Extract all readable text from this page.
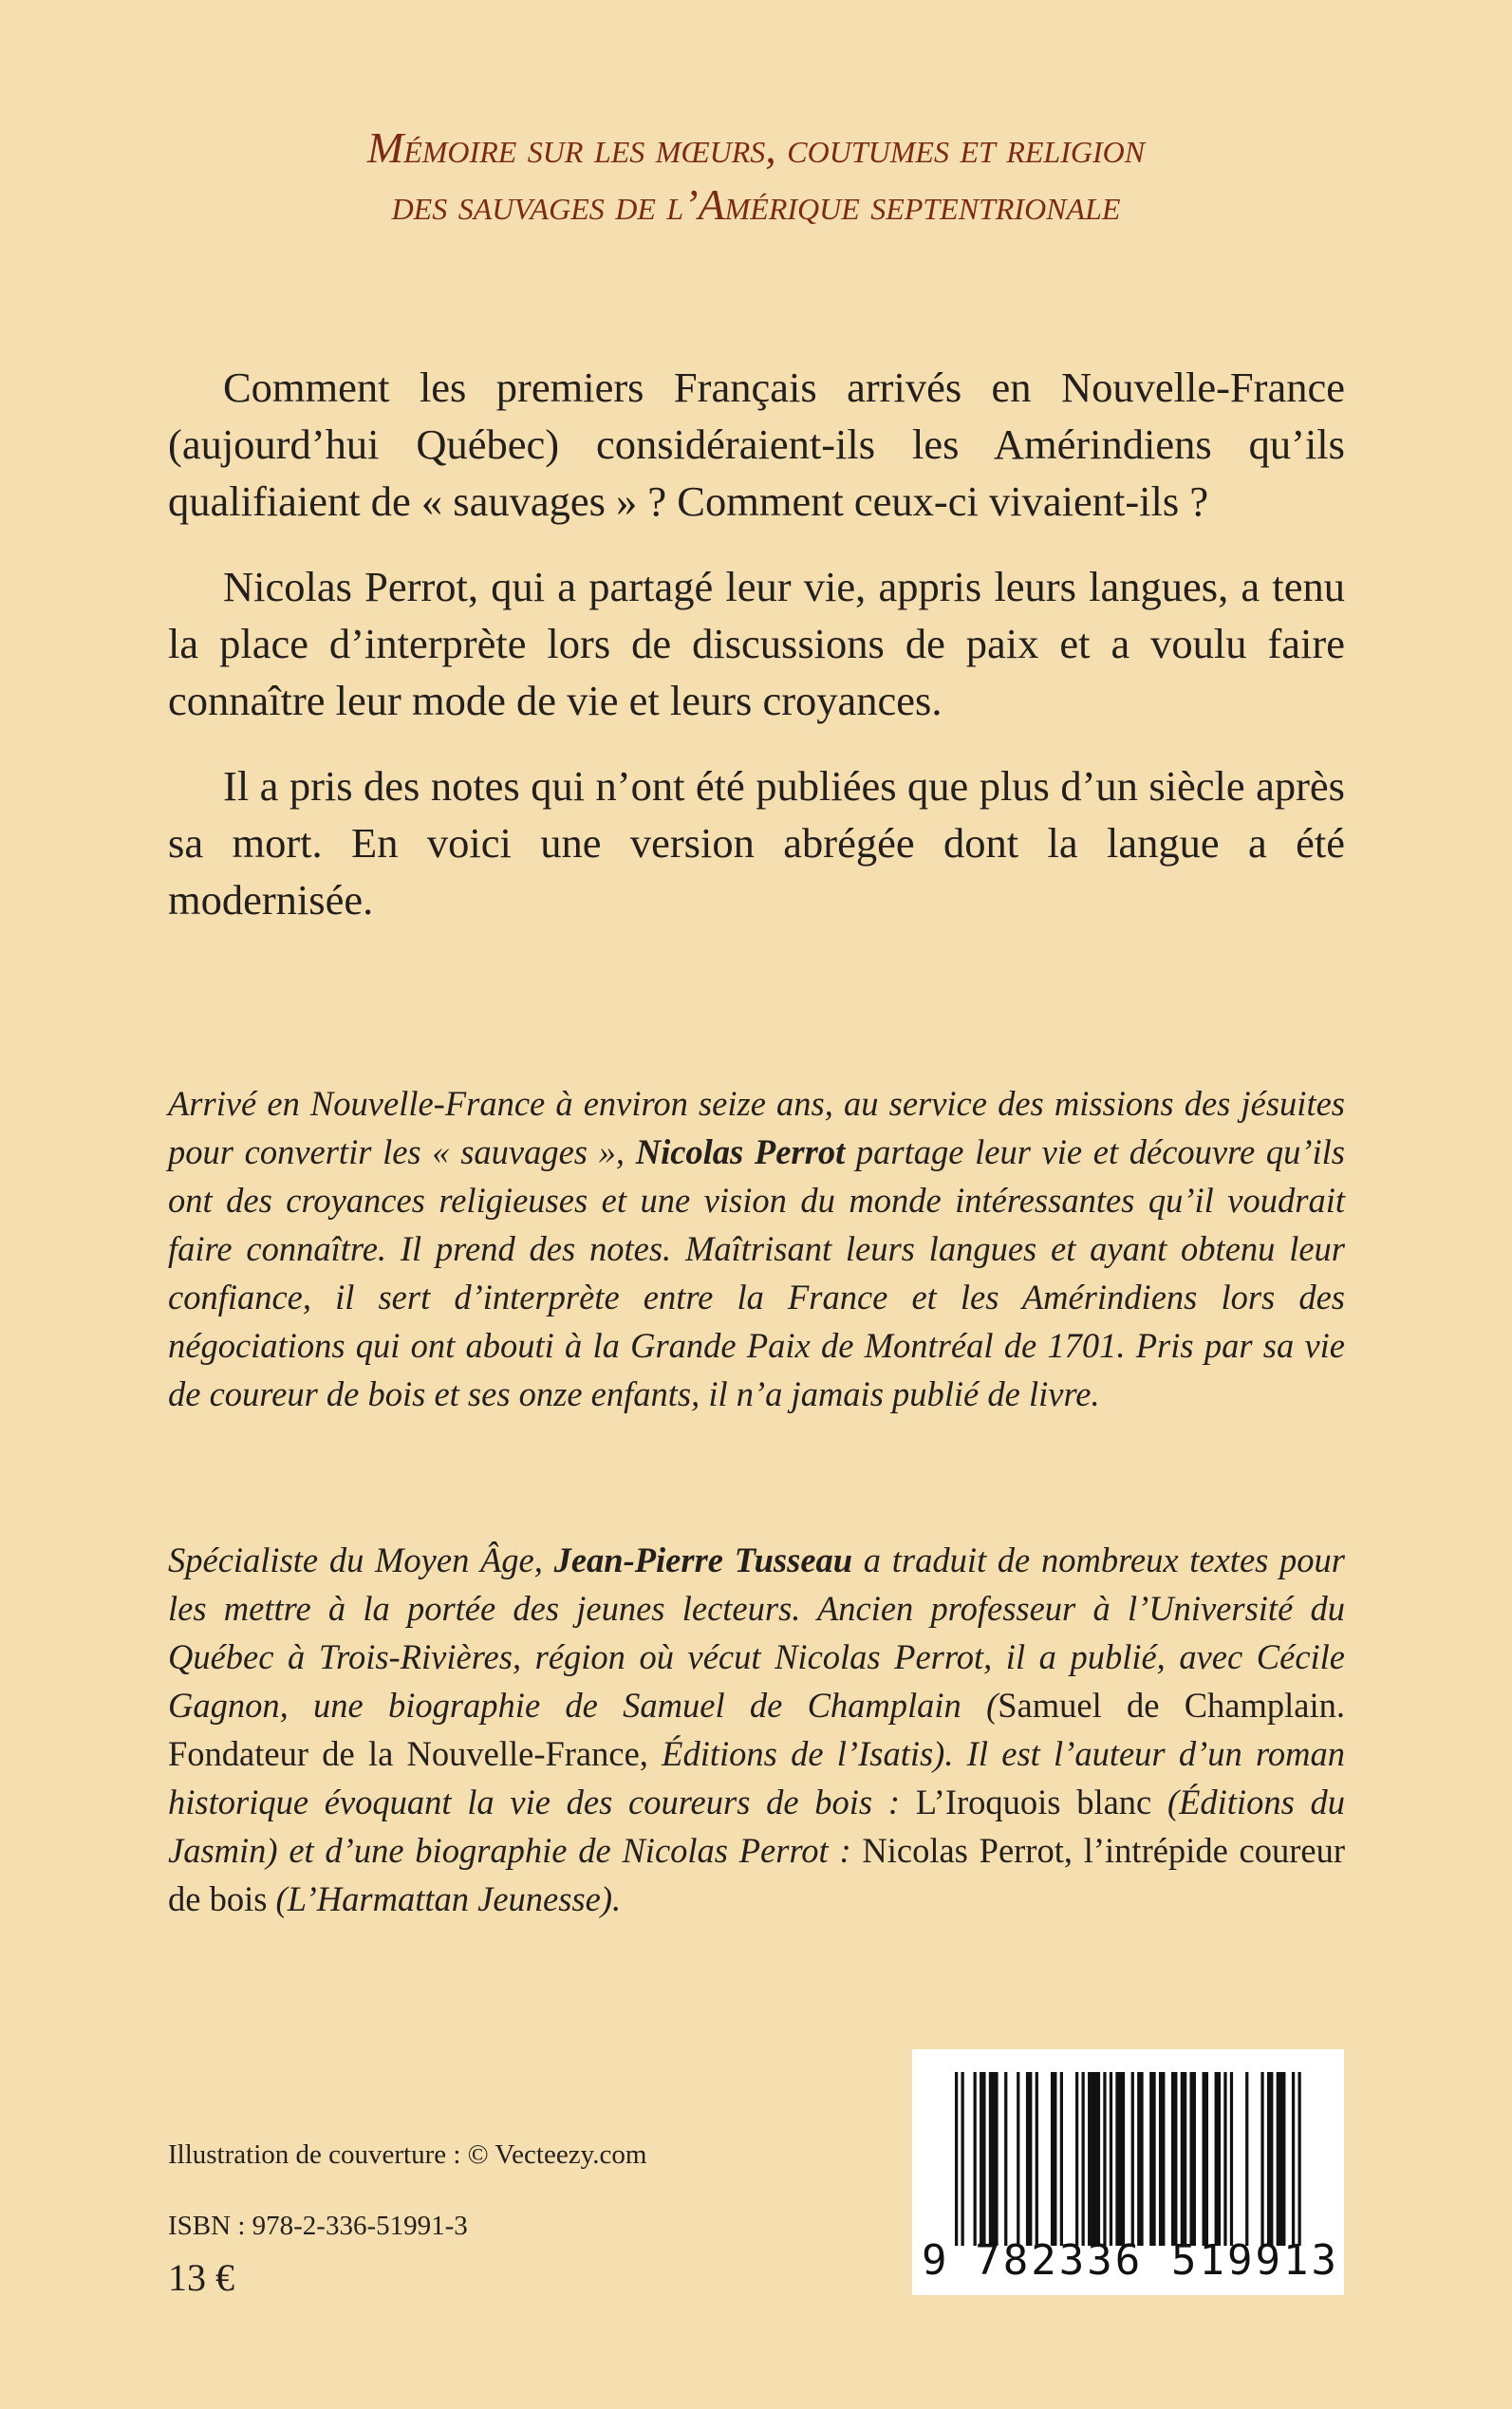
Mémoire sur les mœurs, coutumes et religion
des sauvages de l’Amérique septentrionale

Comment les premiers Français arrivés en Nouvelle-France (aujourd’hui Québec) considéraient-ils les Amérindiens qu’ils qualifiaient de « sauvages » ? Comment ceux-ci vivaient-ils ?

Nicolas Perrot, qui a partagé leur vie, appris leurs langues, a tenu la place d’interprète lors de discussions de paix et a voulu faire connaître leur mode de vie et leurs croyances.

Il a pris des notes qui n’ont été publiées que plus d’un siècle après sa mort. En voici une version abrégée dont la langue a été modernisée.

Arrivé en Nouvelle-France à environ seize ans, au service des missions des jésuites pour convertir les « sauvages », Nicolas Perrot partage leur vie et découvre qu’ils ont des croyances religieuses et une vision du monde intéressantes qu’il voudrait faire connaître. Il prend des notes. Maîtrisant leurs langues et ayant obtenu leur confiance, il sert d’interprète entre la France et les Amérindiens lors des négociations qui ont abouti à la Grande Paix de Montréal de 1701. Pris par sa vie de coureur de bois et ses onze enfants, il n’a jamais publié de livre.

Spécialiste du Moyen Âge, Jean-Pierre Tusseau a traduit de nombreux textes pour les mettre à la portée des jeunes lecteurs. Ancien professeur à l’Université du Québec à Trois-Rivières, région où vécut Nicolas Perrot, il a publié, avec Cécile Gagnon, une biographie de Samuel de Champlain (Samuel de Champlain. Fondateur de la Nouvelle-France, Éditions de l’Isatis). Il est l’auteur d’un roman historique évoquant la vie des coureurs de bois : L’Iroquois blanc (Éditions du Jasmin) et d’une biographie de Nicolas Perrot : Nicolas Perrot, l’intrépide coureur de bois (L’Harmattan Jeunesse).

Illustration de couverture : © Vecteezy.com
ISBN : 978-2-336-51991-3
13 €	9 782336 519913
